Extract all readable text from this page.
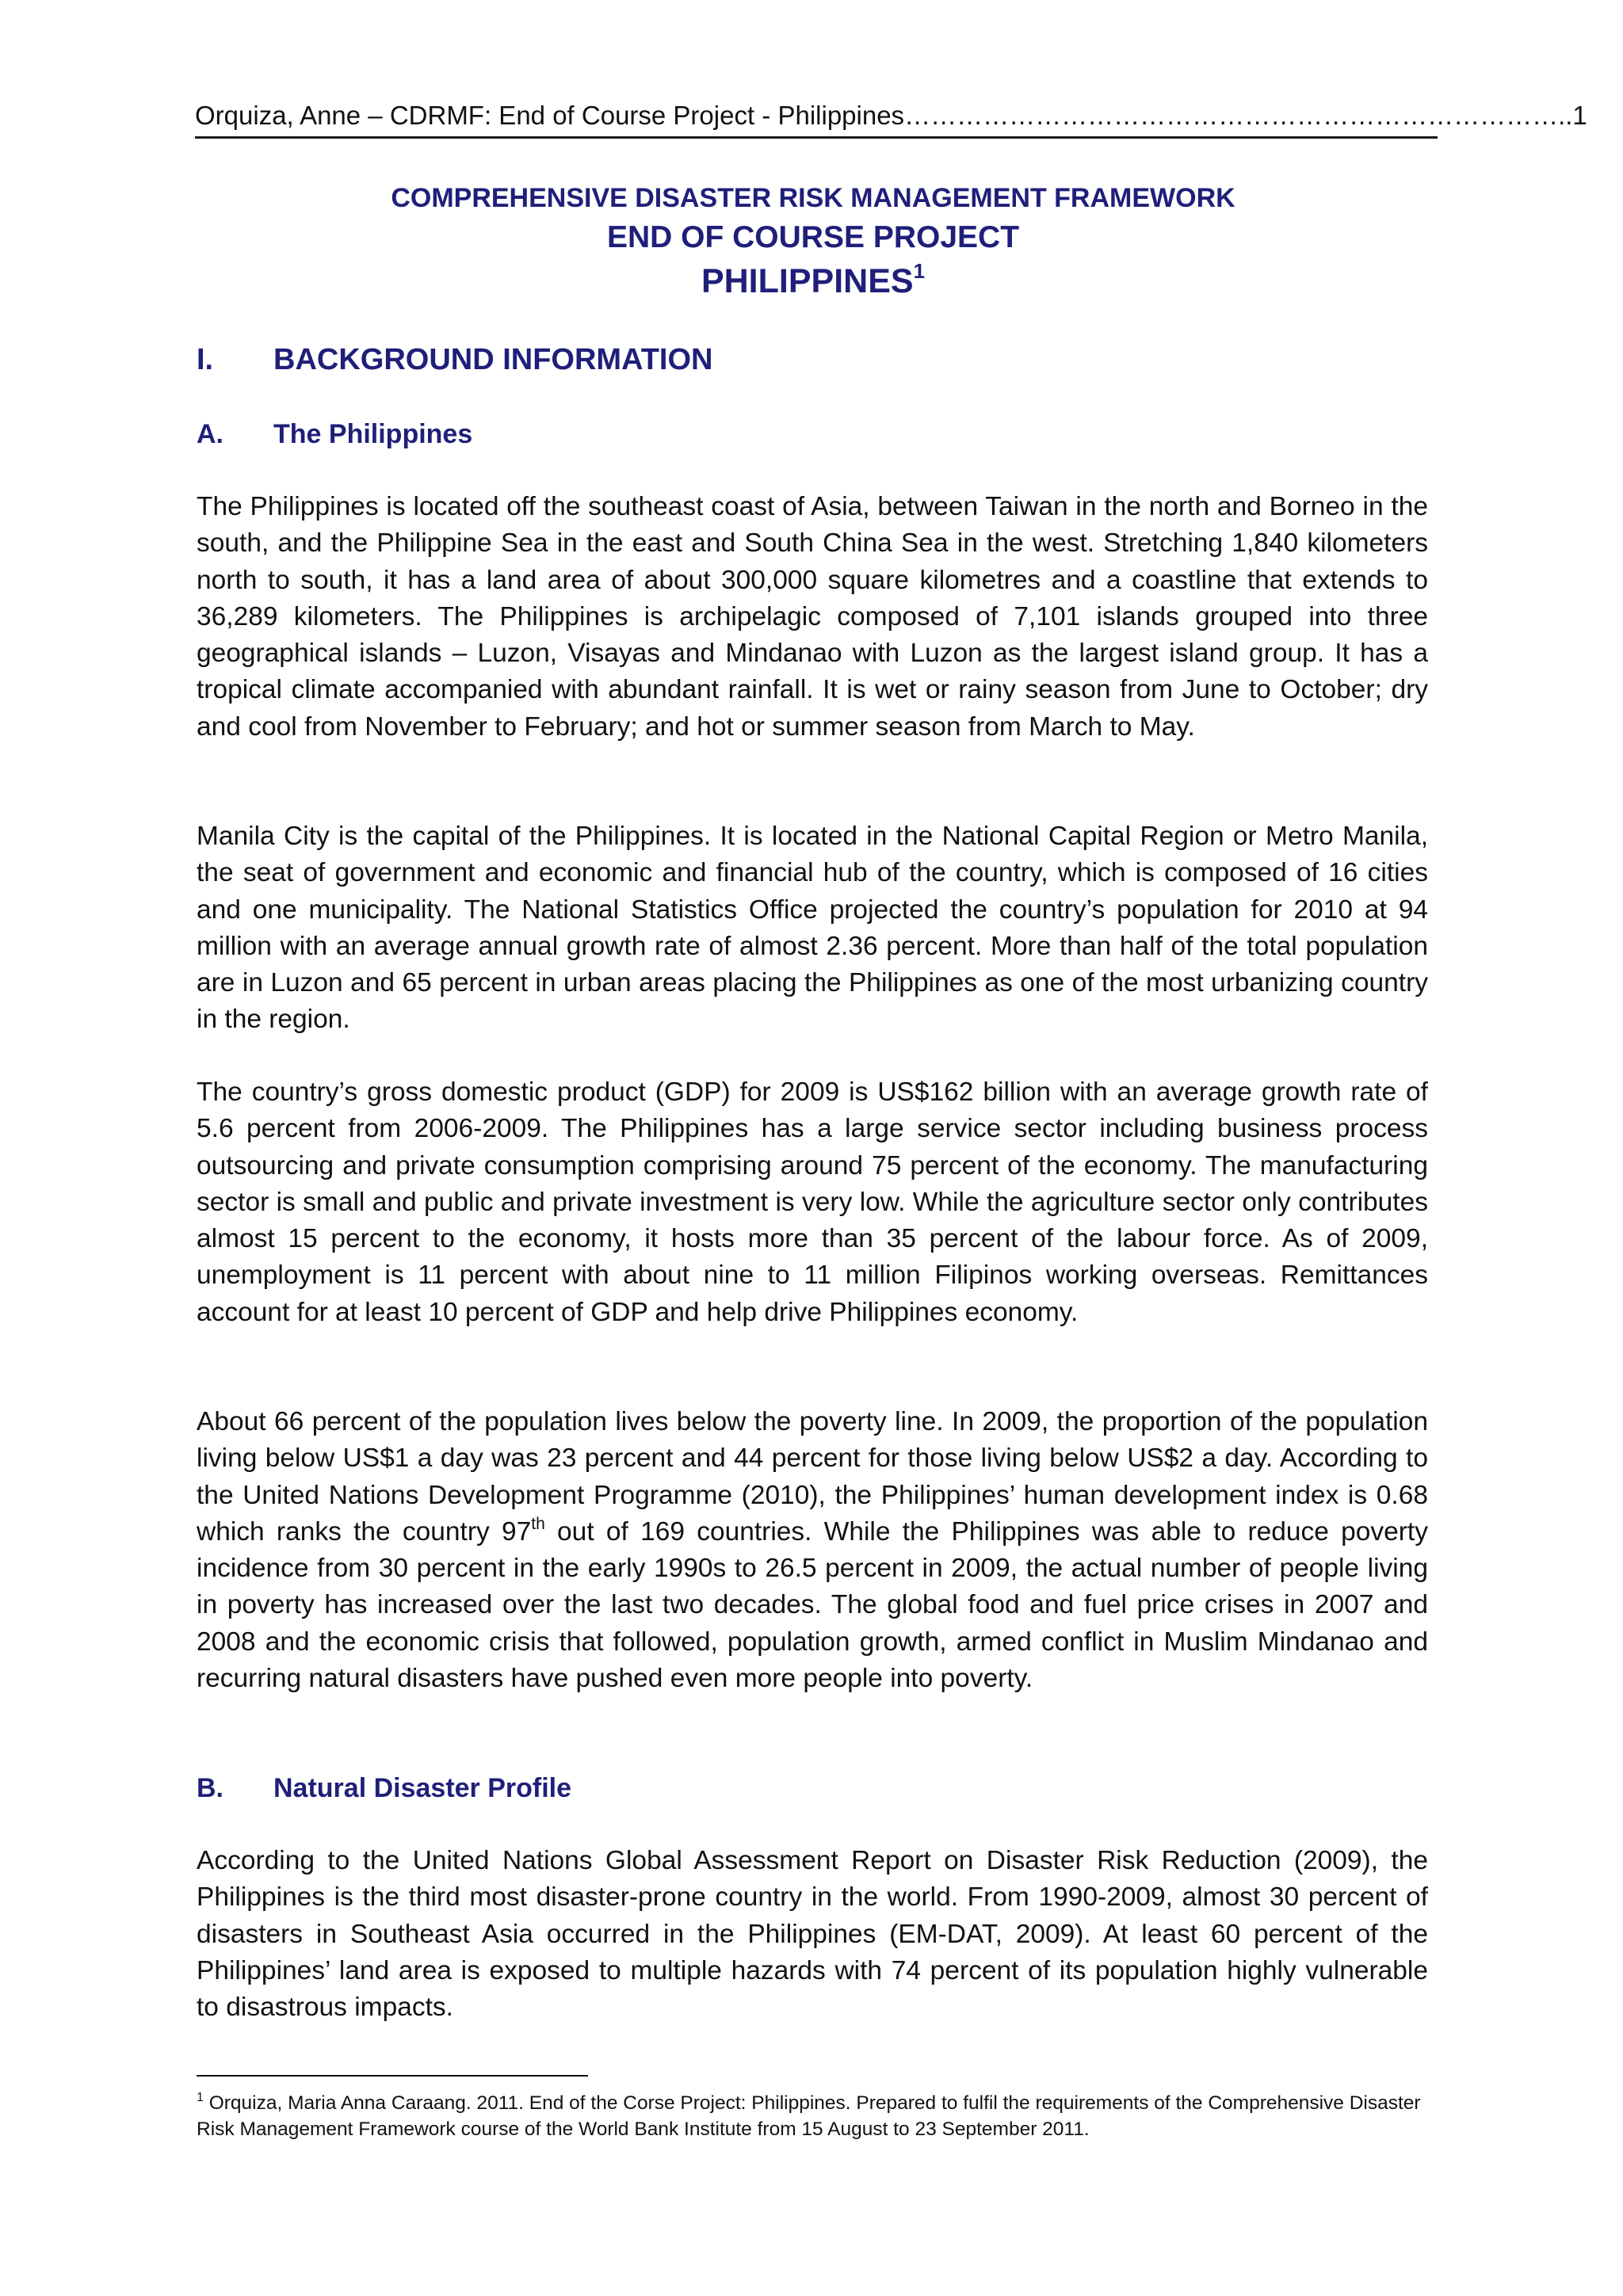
Orquiza, Anne – CDRMF: End of Course Project - Philippines ………………………………………………………………….. 1
COMPREHENSIVE DISASTER RISK MANAGEMENT FRAMEWORK
END OF COURSE PROJECT
PHILIPPINES$^1$
I. BACKGROUND INFORMATION
A. The Philippines
The Philippines is located off the southeast coast of Asia, between Taiwan in the north and Borneo in the south, and the Philippine Sea in the east and South China Sea in the west. Stretching 1,840 kilometers north to south, it has a land area of about 300,000 square kilometres and a coastline that extends to 36,289 kilometers. The Philippines is archipelagic composed of 7,101 islands grouped into three geographical islands – Luzon, Visayas and Mindanao with Luzon as the largest island group. It has a tropical climate accompanied with abundant rainfall. It is wet or rainy season from June to October; dry and cool from November to February; and hot or summer season from March to May.
Manila City is the capital of the Philippines. It is located in the National Capital Region or Metro Manila, the seat of government and economic and financial hub of the country, which is composed of 16 cities and one municipality. The National Statistics Office projected the country’s population for 2010 at 94 million with an average annual growth rate of almost 2.36 percent. More than half of the total population are in Luzon and 65 percent in urban areas placing the Philippines as one of the most urbanizing country in the region.
The country’s gross domestic product (GDP) for 2009 is US$162 billion with an average growth rate of 5.6 percent from 2006-2009. The Philippines has a large service sector including business process outsourcing and private consumption comprising around 75 percent of the economy. The manufacturing sector is small and public and private investment is very low. While the agriculture sector only contributes almost 15 percent to the economy, it hosts more than 35 percent of the labour force. As of 2009, unemployment is 11 percent with about nine to 11 million Filipinos working overseas. Remittances account for at least 10 percent of GDP and help drive Philippines economy.
About 66 percent of the population lives below the poverty line. In 2009, the proportion of the population living below US$1 a day was 23 percent and 44 percent for those living below US$2 a day. According to the United Nations Development Programme (2010), the Philippines’ human development index is 0.68 which ranks the country 97th out of 169 countries. While the Philippines was able to reduce poverty incidence from 30 percent in the early 1990s to 26.5 percent in 2009, the actual number of people living in poverty has increased over the last two decades. The global food and fuel price crises in 2007 and 2008 and the economic crisis that followed, population growth, armed conflict in Muslim Mindanao and recurring natural disasters have pushed even more people into poverty.
B. Natural Disaster Profile
According to the United Nations Global Assessment Report on Disaster Risk Reduction (2009), the Philippines is the third most disaster-prone country in the world. From 1990-2009, almost 30 percent of disasters in Southeast Asia occurred in the Philippines (EM-DAT, 2009). At least 60 percent of the Philippines’ land area is exposed to multiple hazards with 74 percent of its population highly vulnerable to disastrous impacts.
$^1$ Orquiza, Maria Anna Caraang. 2011. End of the Corse Project: Philippines. Prepared to fulfil the requirements of the Comprehensive Disaster Risk Management Framework course of the World Bank Institute from 15 August to 23 September 2011.
